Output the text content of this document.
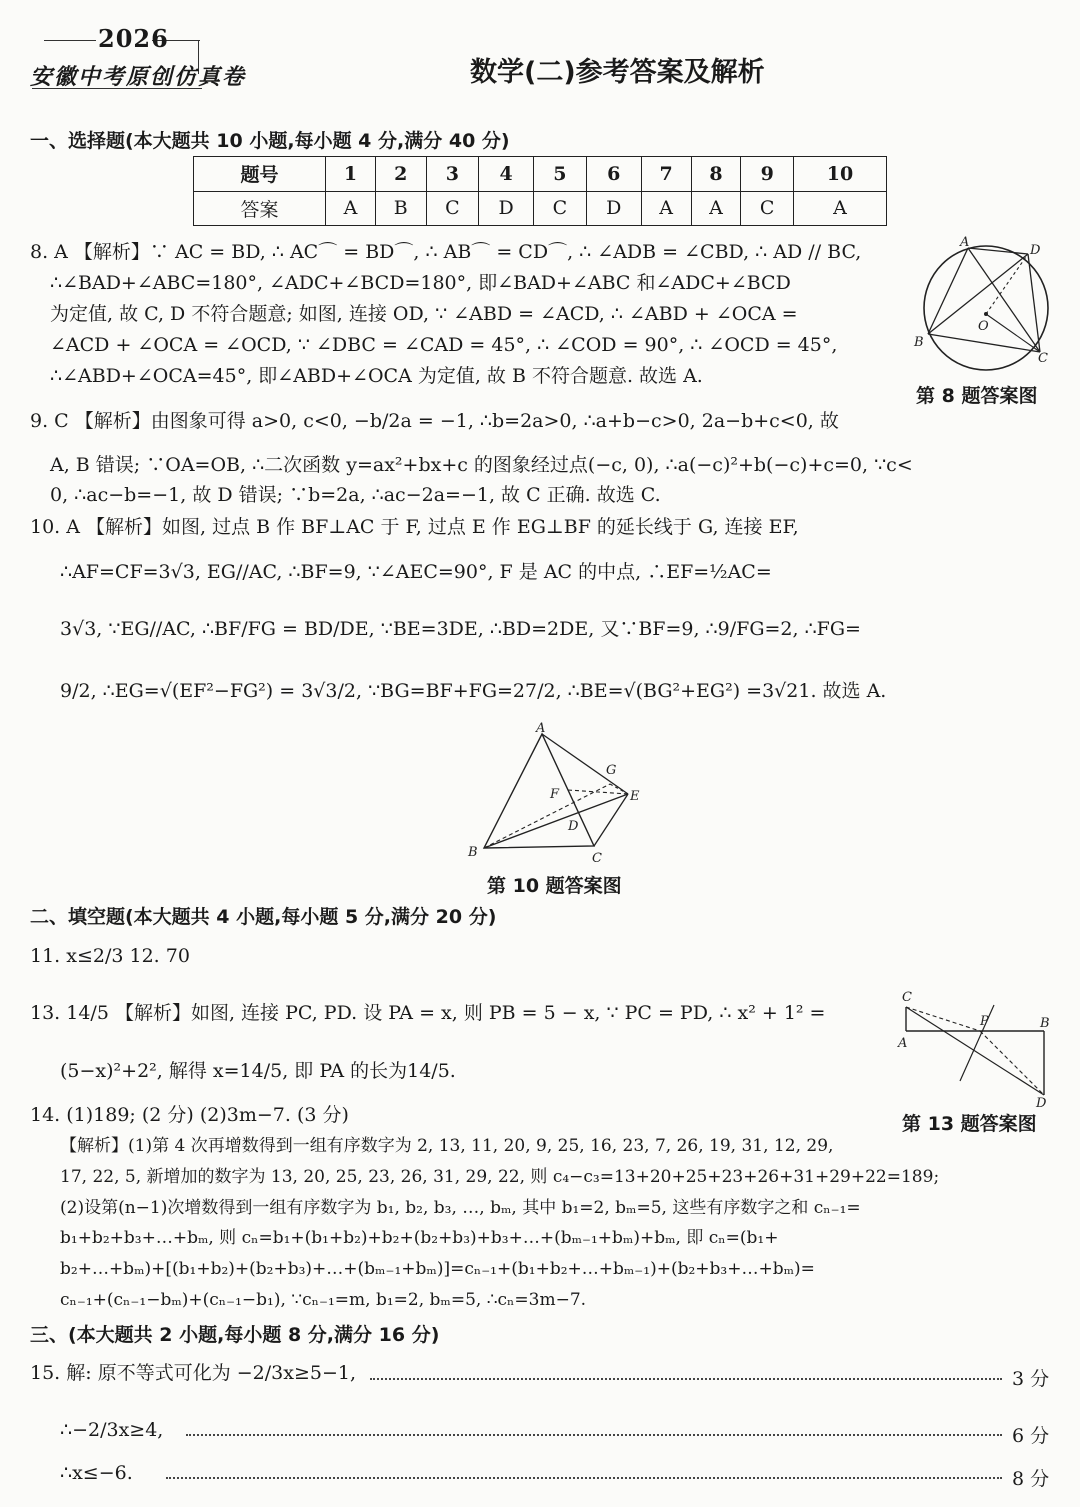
2026
安徽中考原创仿真卷	数学(二)参考答案及解析
一、选择题(本大题共 10 小题,每小题 4 分,满分 40 分)
题号	1	2	3	4	5	6	7	8	9	10
答案	A	B	C	D	C	D	A	A	C	A
8. A 【解析】∵ AC = BD, ∴ AC⌒ = BD⌒, ∴ AB⌒ = CD⌒, ∴ ∠ADB = ∠CBD, ∴ AD // BC,
∴∠BAD+∠ABC=180°, ∠ADC+∠BCD=180°, 即∠BAD+∠ABC 和∠ADC+∠BCD
为定值, 故 C, D 不符合题意; 如图, 连接 OD, ∵ ∠ABD = ∠ACD, ∴ ∠ABD + ∠OCA =
∠ACD + ∠OCA = ∠OCD, ∵ ∠DBC = ∠CAD = 45°, ∴ ∠COD = 90°, ∴ ∠OCD = 45°,
∴∠ABD+∠OCA=45°, 即∠ABD+∠OCA 为定值, 故 B 不符合题意. 故选 A.
A
D
O
B
C
第 8 题答案图
9. C 【解析】由图象可得 a>0, c<0, −b/2a = −1, ∴b=2a>0, ∴a+b−c>0, 2a−b+c<0, 故
A, B 错误; ∵OA=OB, ∴二次函数 y=ax²+bx+c 的图象经过点(−c, 0), ∴a(−c)²+b(−c)+c=0, ∵c<
0, ∴ac−b=−1, 故 D 错误; ∵b=2a, ∴ac−2a=−1, 故 C 正确. 故选 C.
10. A 【解析】如图, 过点 B 作 BF⊥AC 于 F, 过点 E 作 EG⊥BF 的延长线于 G, 连接 EF,
∴AF=CF=3√3, EG//AC, ∴BF=9, ∵∠AEC=90°, F 是 AC 的中点, ∴EF=½AC=
3√3, ∵EG//AC, ∴BF/FG = BD/DE, ∵BE=3DE, ∴BD=2DE, 又∵BF=9, ∴9/FG=2, ∴FG=
9/2, ∴EG=√(EF²−FG²) = 3√3/2, ∵BG=BF+FG=27/2, ∴BE=√(BG²+EG²) =3√21. 故选 A.
G
A
E
F
D
B	C
第 10 题答案图
二、填空题(本大题共 4 小题,每小题 5 分,满分 20 分)
11. x≤2/3 12. 70
13. 14/5 【解析】如图, 连接 PC, PD. 设 PA = x, 则 PB = 5 − x, ∵ PC = PD, ∴ x² + 1² =
(5−x)²+2², 解得 x=14/5, 即 PA 的长为14/5.
C
P	B
A
D
第 13 题答案图
14. (1)189; (2 分) (2)3m−7. (3 分)
【解析】(1)第 4 次再增数得到一组有序数字为 2, 13, 11, 20, 9, 25, 16, 23, 7, 26, 19, 31, 12, 29,
17, 22, 5, 新增加的数字为 13, 20, 25, 23, 26, 31, 29, 22, 则 c₄−c₃=13+20+25+23+26+31+29+22=189;
(2)设第(n−1)次增数得到一组有序数字为 b₁, b₂, b₃, …, bₘ, 其中 b₁=2, bₘ=5, 这些有序数字之和 cₙ₋₁=
b₁+b₂+b₃+…+bₘ, 则 cₙ=b₁+(b₁+b₂)+b₂+(b₂+b₃)+b₃+…+(bₘ₋₁+bₘ)+bₘ, 即 cₙ=(b₁+
b₂+…+bₘ)+[(b₁+b₂)+(b₂+b₃)+…+(bₘ₋₁+bₘ)]=cₙ₋₁+(b₁+b₂+…+bₘ₋₁)+(b₂+b₃+…+bₘ)=
cₙ₋₁+(cₙ₋₁−bₘ)+(cₙ₋₁−b₁), ∵cₙ₋₁=m, b₁=2, bₘ=5, ∴cₙ=3m−7.
三、(本大题共 2 小题,每小题 8 分,满分 16 分)
15. 解: 原不等式可化为 −2/3x≥5−1,	3 分
∴−2/3x≥4,	6 分
∴x≤−6.	8 分
